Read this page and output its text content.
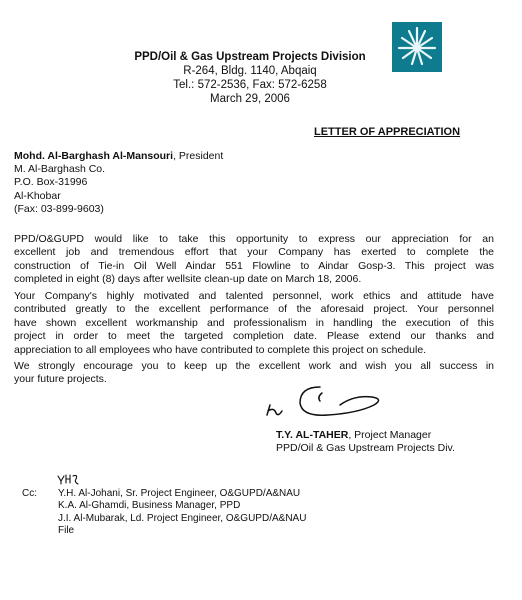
PPD/Oil & Gas Upstream Projects Division
R-264, Bldg. 1140, Abqaiq
Tel.: 572-2536, Fax: 572-6258
March 29, 2006
LETTER OF APPRECIATION
Mohd. Al-Barghash Al-Mansouri, President
M. Al-Barghash Co.
P.O. Box-31996
Al-Khobar
(Fax: 03-899-9603)
PPD/O&GUPD would like to take this opportunity to express our appreciation for an
excellent job and tremendous effort that your Company has exerted to complete the
construction of Tie-in Oil Well Aindar 551 Flowline to Aindar Gosp-3. This project was
completed in eight (8) days after wellsite clean-up date on March 18, 2006.
Your Company's highly motivated and talented personnel, work ethics and attitude have
contributed greatly to the excellent performance of the aforesaid project. Your personnel
have shown excellent workmanship and professionalism in handling the execution of this
project in order to meet the targeted completion date. Please extend our thanks and
appreciation to all employees who have contributed to complete this project on schedule.
We strongly encourage you to keep up the excellent work and wish you all success in
your future projects.
T.Y. AL-TAHER, Project Manager
PPD/Oil & Gas Upstream Projects Div.
Cc: Y.H. Al-Johani, Sr. Project Engineer, O&GUPD/A&NAU
K.A. Al-Ghamdi, Business Manager, PPD
J.I. Al-Mubarak, Ld. Project Engineer, O&GUPD/A&NAU
File
